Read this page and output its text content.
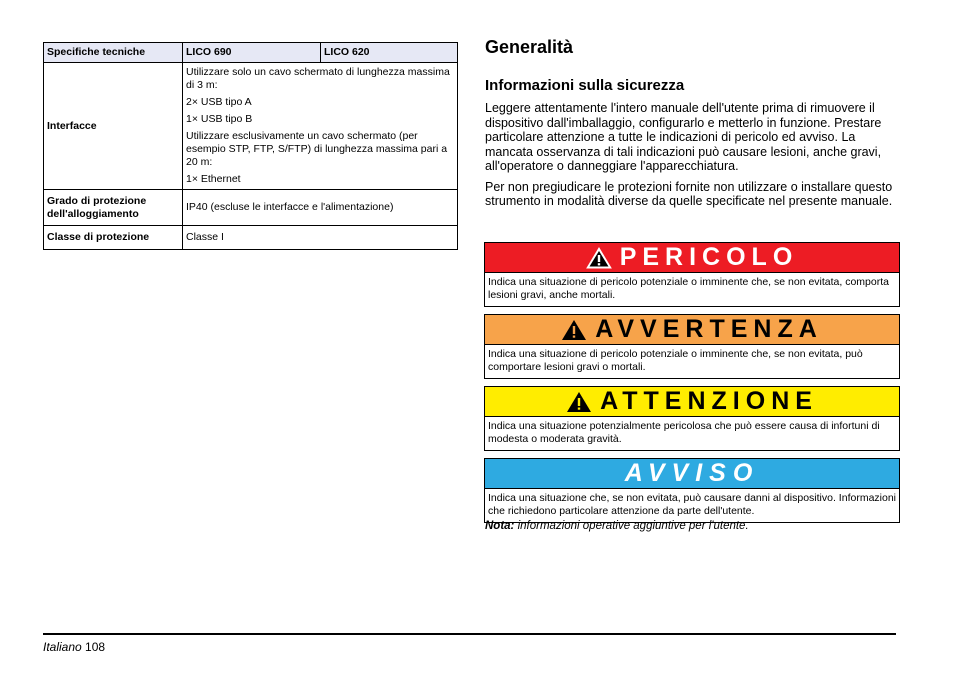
Specifiche tecniche	LICO 690	LICO 620
Interfacce	Utilizzare solo un cavo schermato di lunghezza massima di 3 m:

2× USB tipo A

1× USB tipo B

Utilizzare esclusivamente un cavo schermato (per esempio STP, FTP, S/FTP) di lunghezza massima pari a 20 m:

1× Ethernet	

Grado di protezione dell'alloggiamento	IP40 (escluse le interfacce e l'alimentazione)	
Classe di protezione	Classe I	
Generalità
Informazioni sulla sicurezza

Leggere attentamente l'intero manuale dell'utente prima di rimuovere il dispositivo dall'imballaggio, configurarlo e metterlo in funzione. Prestare particolare attenzione a tutte le indicazioni di pericolo ed avviso. La mancata osservanza di tali indicazioni può causare lesioni, anche gravi, all'operatore o danneggiare l'apparecchiatura.

Per non pregiudicare le protezioni fornite non utilizzare o installare questo strumento in modalità diverse da quelle specificate nel presente manuale.

PERICOLO
Indica una situazione di pericolo potenziale o imminente che, se non evitata, comporta lesioni gravi, anche mortali.
AVVERTENZA
Indica una situazione di pericolo potenziale o imminente che, se non evitata, può comportare lesioni gravi o mortali.
ATTENZIONE
Indica una situazione potenzialmente pericolosa che può essere causa di infortuni di modesta o moderata gravità.
AVVISO
Indica una situazione che, se non evitata, può causare danni al dispositivo. Informazioni che richiedono particolare attenzione da parte dell'utente.
Nota: informazioni operative aggiuntive per l'utente.
Italiano 108
